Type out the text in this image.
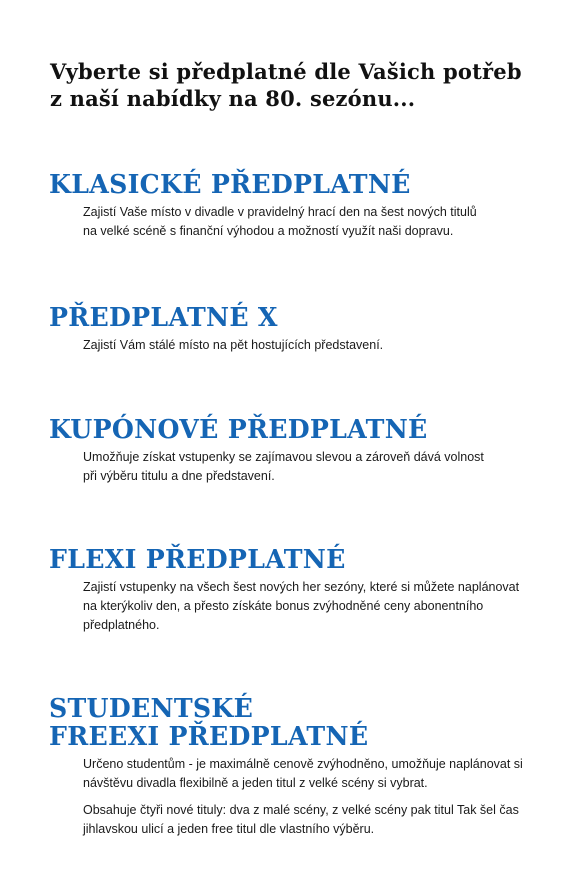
Vyberte si předplatné dle Vašich potřeb
z naší nabídky na 80. sezónu...
KLASICKÉ PŘEDPLATNÉ

Zajistí Vaše místo v divadle v pravidelný hrací den na šest nových titulů
na velké scéně s finanční výhodou a možností využít naši dopravu.

PŘEDPLATNÉ X

Zajistí Vám stálé místo na pět hostujících představení.

KUPÓNOVÉ PŘEDPLATNÉ

Umožňuje získat vstupenky se zajímavou slevou a zároveň dává volnost
při výběru titulu a dne představení.

FLEXI PŘEDPLATNÉ

Zajistí vstupenky na všech šest nových her sezóny, které si můžete naplánovat
na kterýkoliv den, a přesto získáte bonus zvýhodněné ceny abonentního
předplatného.

STUDENTSKÉ
FREEXI PŘEDPLATNÉ

Určeno studentům - je maximálně cenově zvýhodněno, umožňuje naplánovat si
návštěvu divadla flexibilně a jeden titul z velké scény si vybrat.

Obsahuje čtyři nové tituly: dva z malé scény, z velké scény pak titul Tak šel čas
jihlavskou ulicí a jeden free titul dle vlastního výběru.
